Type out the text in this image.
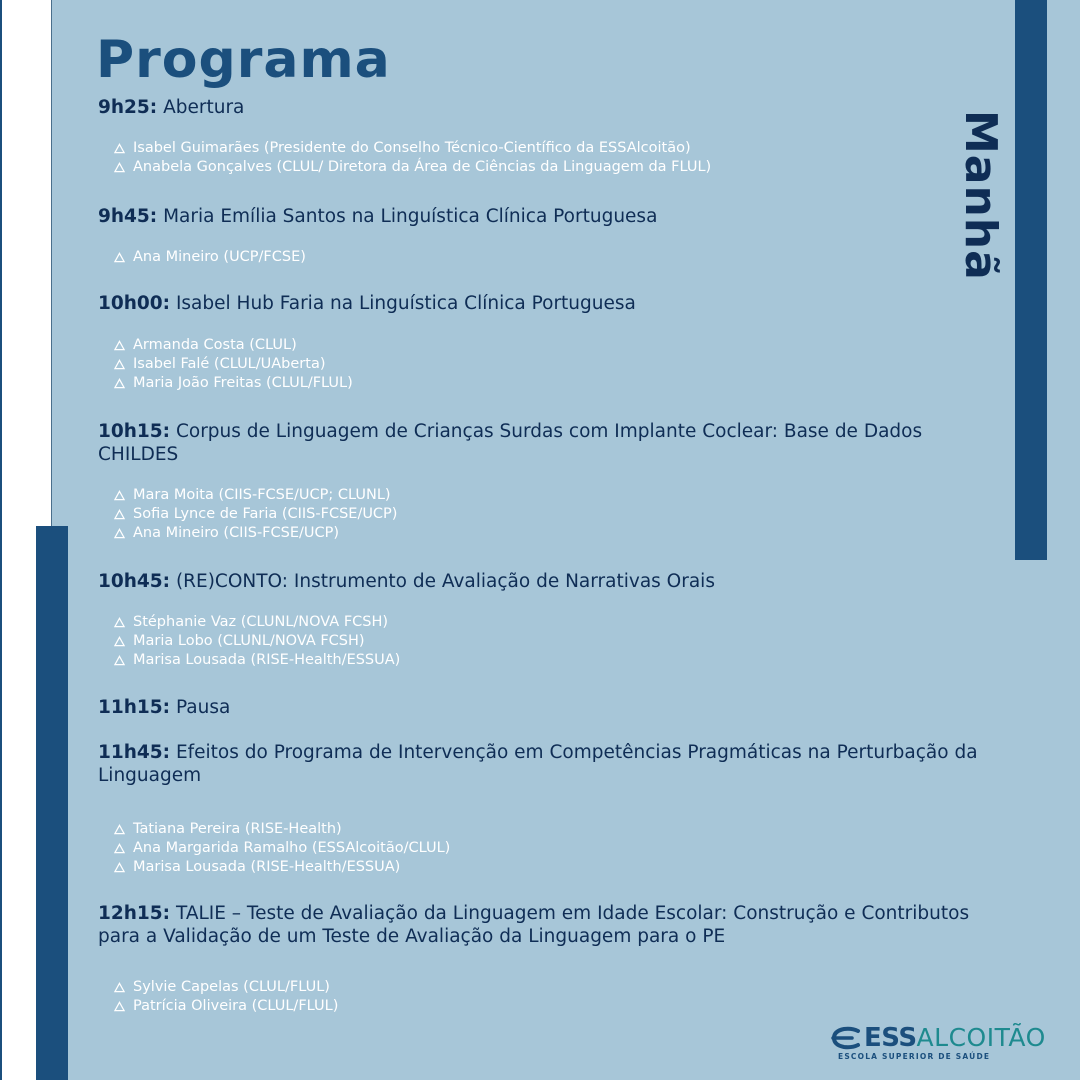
Programa
Manhã

9h25: Abertura

Isabel Guimarães (Presidente do Conselho Técnico-Científico da ESSAlcoitão)
Anabela Gonçalves (CLUL/ Diretora da Área de Ciências da Linguagem da FLUL)

9h45: Maria Emília Santos na Linguística Clínica Portuguesa

Ana Mineiro (UCP/FCSE)

10h00: Isabel Hub Faria na Linguística Clínica Portuguesa

Armanda Costa (CLUL)
Isabel Falé (CLUL/UAberta)
Maria João Freitas (CLUL/FLUL)

10h15: Corpus de Linguagem de Crianças Surdas com Implante Coclear: Base de Dados CHILDES

Mara Moita (CIIS-FCSE/UCP; CLUNL)
Sofia Lynce de Faria (CIIS-FCSE/UCP)
Ana Mineiro (CIIS-FCSE/UCP)

10h45: (RE)CONTO: Instrumento de Avaliação de Narrativas Orais

Stéphanie Vaz (CLUNL/NOVA FCSH)
Maria Lobo (CLUNL/NOVA FCSH)
Marisa Lousada (RISE-Health/ESSUA)

11h15: Pausa

11h45: Efeitos do Programa de Intervenção em Competências Pragmáticas na Perturbação da Linguagem

Tatiana Pereira (RISE-Health)
Ana Margarida Ramalho (ESSAlcoitão/CLUL)
Marisa Lousada (RISE-Health/ESSUA)

12h15: TALIE – Teste de Avaliação da Linguagem em Idade Escolar: Construção e Contributos para a Validação de um Teste de Avaliação da Linguagem para o PE

Sylvie Capelas (CLUL/FLUL)
Patrícia Oliveira (CLUL/FLUL)
ESS ALCOITÃO
ESCOLA SUPERIOR DE SAÚDE
